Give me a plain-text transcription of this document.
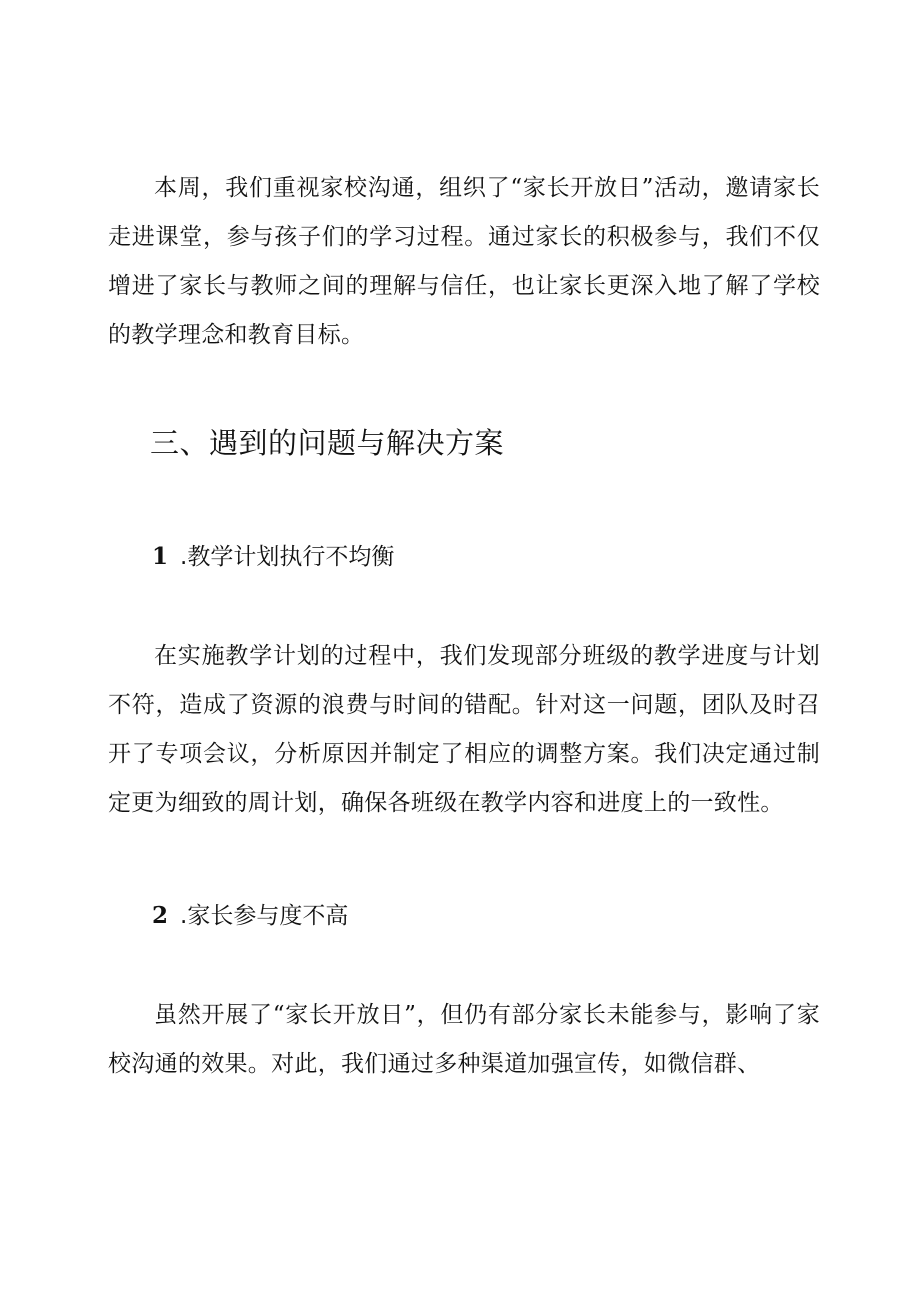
本周，我们重视家校沟通，组织了“家长开放日”活动，邀请家长走进课堂，参与孩子们的学习过程。通过家长的积极参与，我们不仅增进了家长与教师之间的理解与信任，也让家长更深入地了解了学校的教学理念和教育目标。

三、遇到的问题与解决方案
1 .教学计划执行不均衡

在实施教学计划的过程中，我们发现部分班级的教学进度与计划不符，造成了资源的浪费与时间的错配。针对这一问题，团队及时召开了专项会议，分析原因并制定了相应的调整方案。我们决定通过制定更为细致的周计划，确保各班级在教学内容和进度上的一致性。

2 .家长参与度不高

虽然开展了“家长开放日”，但仍有部分家长未能参与，影响了家校沟通的效果。对此，我们通过多种渠道加强宣传，如微信群、
